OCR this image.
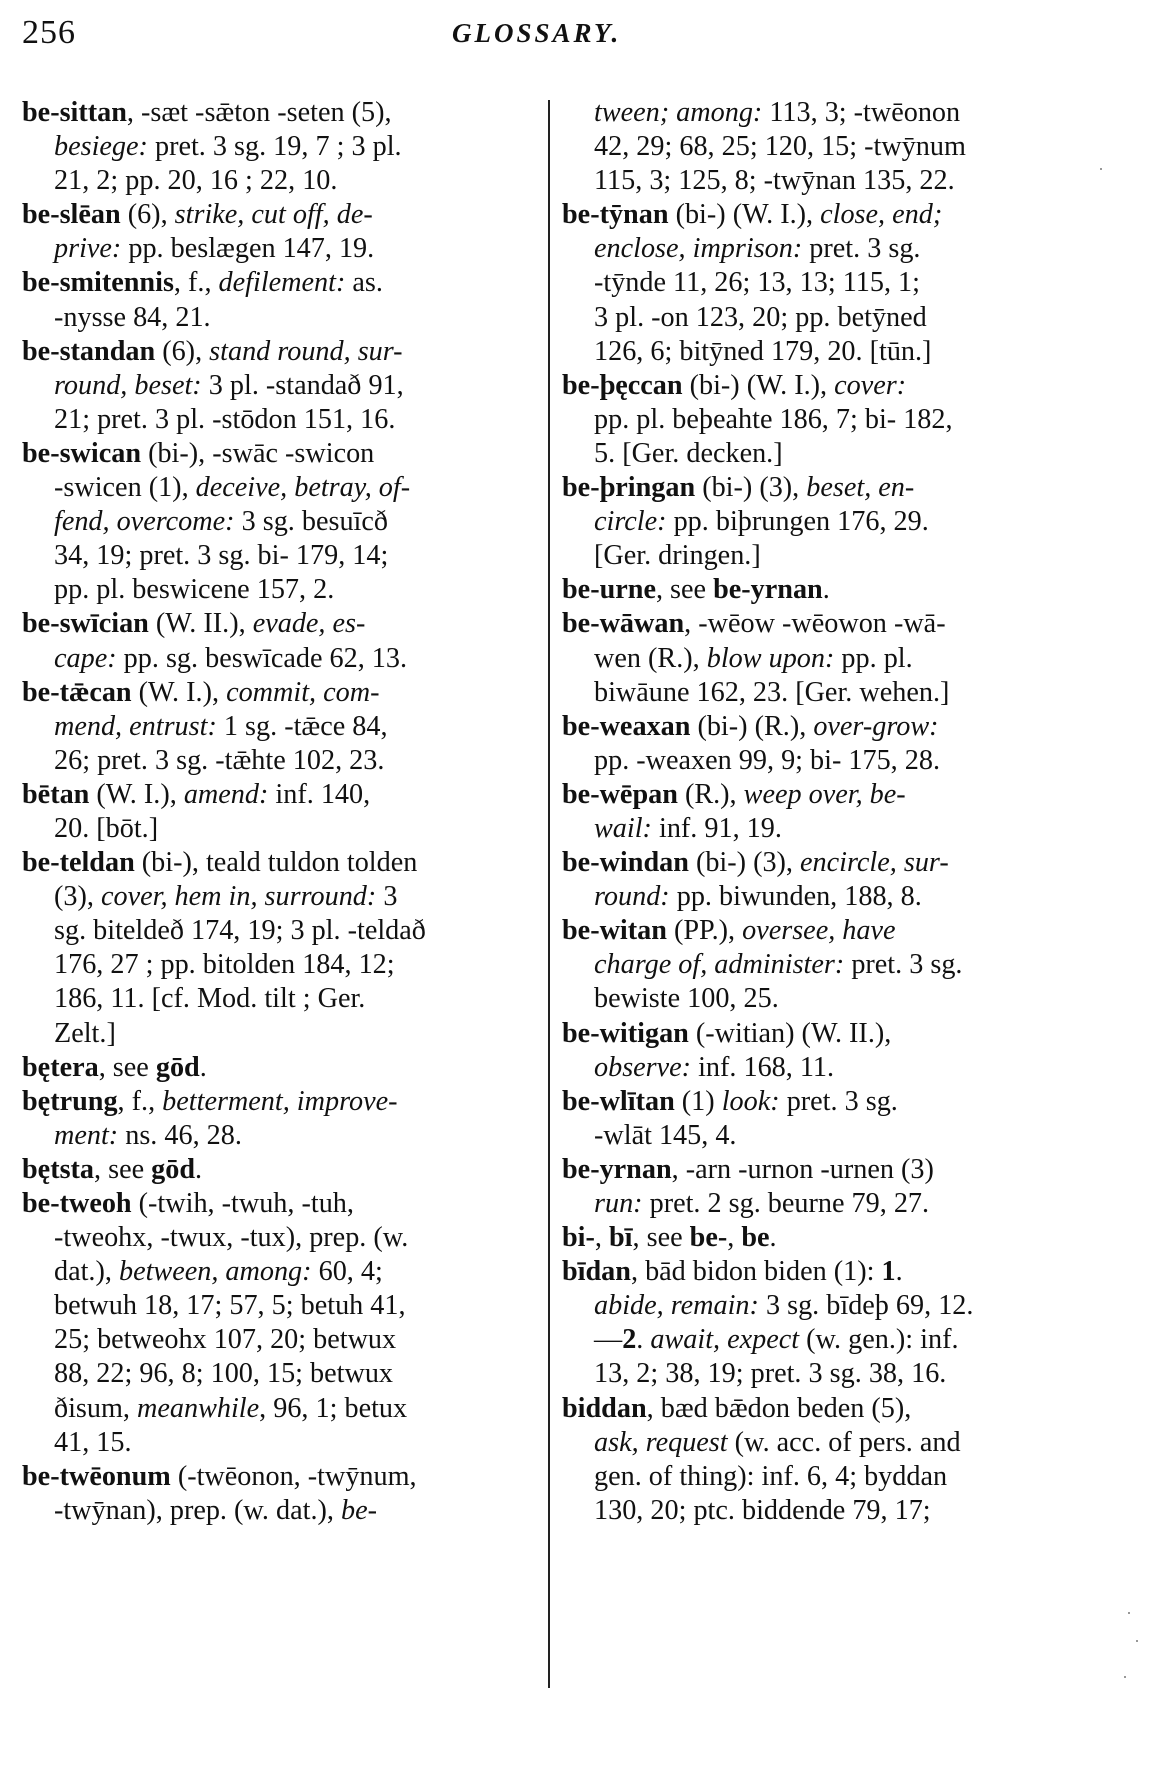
256	GLOSSARY.
be-sittan, -sæt -sǣton -seten (5),
besiege: pret. 3 sg. 19, 7 ; 3 pl.
21, 2; pp. 20, 16 ; 22, 10.
be-slēan (6), strike, cut off, de-
prive: pp. beslægen 147, 19.
be-smitennis, f., defilement: as.
-nysse 84, 21.
be-standan (6), stand round, sur-
round, beset: 3 pl. -standað 91,
21; pret. 3 pl. -stōdon 151, 16.
be-swican (bi-), -swāc -swicon
-swicen (1), deceive, betray, of-
fend, overcome: 3 sg. besuīcð
34, 19; pret. 3 sg. bi- 179, 14;
pp. pl. beswicene 157, 2.
be-swīcian (W. II.), evade, es-
cape: pp. sg. beswīcade 62, 13.
be-tǣcan (W. I.), commit, com-
mend, entrust: 1 sg. -tǣce 84,
26; pret. 3 sg. -tǣhte 102, 23.
bētan (W. I.), amend: inf. 140,
20. [bōt.]
be-teldan (bi-), teald tuldon tolden
(3), cover, hem in, surround: 3
sg. biteldeð 174, 19; 3 pl. -teldað
176, 27 ; pp. bitolden 184, 12;
186, 11. [cf. Mod. tilt ; Ger.
Zelt.]
bętera, see gōd.
bętrung, f., betterment, improve-
ment: ns. 46, 28.
bętsta, see gōd.
be-tweoh (-twih, -twuh, -tuh,
-tweohx, -twux, -tux), prep. (w.
dat.), between, among: 60, 4;
betwuh 18, 17; 57, 5; betuh 41,
25; betweohx 107, 20; betwux
88, 22; 96, 8; 100, 15; betwux
ðisum, meanwhile, 96, 1; betux
41, 15.
be-twēonum (-twēonon, -twȳnum,
-twȳnan), prep. (w. dat.), be-
tween; among: 113, 3; -twēonon
42, 29; 68, 25; 120, 15; -twȳnum
115, 3; 125, 8; -twȳnan 135, 22.
be-tȳnan (bi-) (W. I.), close, end;
enclose, imprison: pret. 3 sg.
-tȳnde 11, 26; 13, 13; 115, 1;
3 pl. -on 123, 20; pp. betȳned
126, 6; bitȳned 179, 20. [tūn.]
be-þęccan (bi-) (W. I.), cover:
pp. pl. beþeahte 186, 7; bi- 182,
5. [Ger. decken.]
be-þringan (bi-) (3), beset, en-
circle: pp. biþrungen 176, 29.
[Ger. dringen.]
be-urne, see be-yrnan.
be-wāwan, -wēow -wēowon -wā-
wen (R.), blow upon: pp. pl.
biwāune 162, 23. [Ger. wehen.]
be-weaxan (bi-) (R.), over-grow:
pp. -weaxen 99, 9; bi- 175, 28.
be-wēpan (R.), weep over, be-
wail: inf. 91, 19.
be-windan (bi-) (3), encircle, sur-
round: pp. biwunden, 188, 8.
be-witan (PP.), oversee, have
charge of, administer: pret. 3 sg.
bewiste 100, 25.
be-witigan (-witian) (W. II.),
observe: inf. 168, 11.
be-wlītan (1) look: pret. 3 sg.
-wlāt 145, 4.
be-yrnan, -arn -urnon -urnen (3)
run: pret. 2 sg. beurne 79, 27.
bi-, bī, see be-, be.
bīdan, bād bidon biden (1): 1.
abide, remain: 3 sg. bīdeþ 69, 12.
—2. await, expect (w. gen.): inf.
13, 2; 38, 19; pret. 3 sg. 38, 16.
biddan, bæd bǣdon beden (5),
ask, request (w. acc. of pers. and
gen. of thing): inf. 6, 4; byddan
130, 20; ptc. biddende 79, 17;
